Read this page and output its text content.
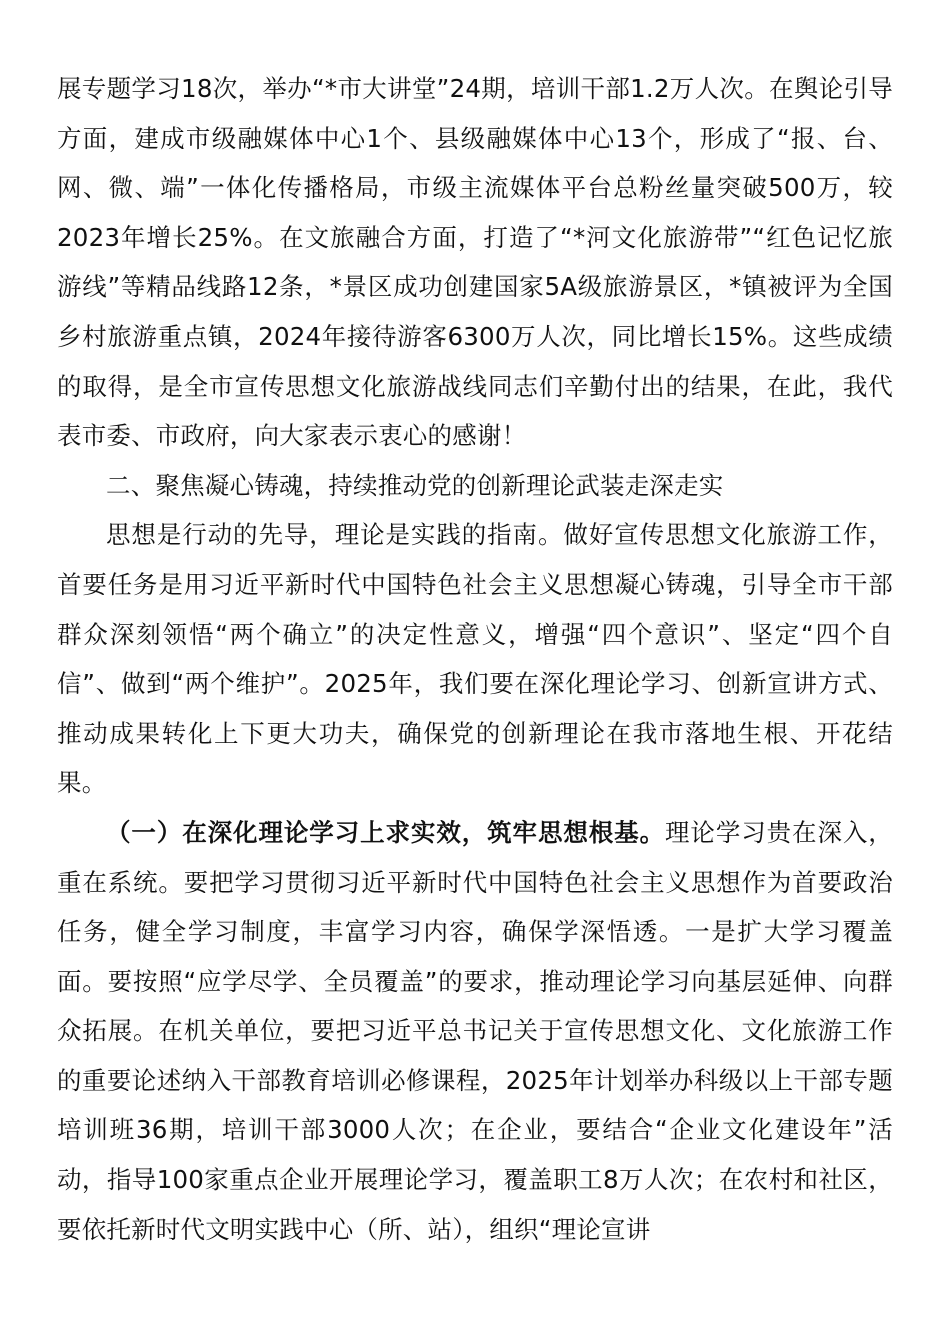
展专题学习18次，举办“*市大讲堂”24期，培训干部1.2万人次。在舆论引导方面，建成市级融媒体中心1个、县级融媒体中心13个，形成了“报、台、网、微、端”一体化传播格局，市级主流媒体平台总粉丝量突破500万，较2023年增长25%。在文旅融合方面，打造了“*河文化旅游带”“红色记忆旅游线”等精品线路12条，*景区成功创建国家5A级旅游景区，*镇被评为全国乡村旅游重点镇，2024年接待游客6300万人次，同比增长15%。这些成绩的取得，是全市宣传思想文化旅游战线同志们辛勤付出的结果，在此，我代表市委、市政府，向大家表示衷心的感谢！

二、聚焦凝心铸魂，持续推动党的创新理论武装走深走实

思想是行动的先导，理论是实践的指南。做好宣传思想文化旅游工作，首要任务是用习近平新时代中国特色社会主义思想凝心铸魂，引导全市干部群众深刻领悟“两个确立”的决定性意义，增强“四个意识”、坚定“四个自信”、做到“两个维护”。2025年，我们要在深化理论学习、创新宣讲方式、推动成果转化上下更大功夫，确保党的创新理论在我市落地生根、开花结果。

（一）在深化理论学习上求实效，筑牢思想根基。理论学习贵在深入，重在系统。要把学习贯彻习近平新时代中国特色社会主义思想作为首要政治任务，健全学习制度，丰富学习内容，确保学深悟透。一是扩大学习覆盖面。要按照“应学尽学、全员覆盖”的要求，推动理论学习向基层延伸、向群众拓展。在机关单位，要把习近平总书记关于宣传思想文化、文化旅游工作的重要论述纳入干部教育培训必修课程，2025年计划举办科级以上干部专题培训班36期，培训干部3000人次；在企业，要结合“企业文化建设年”活动，指导100家重点企业开展理论学习，覆盖职工8万人次；在农村和社区，要依托新时代文明实践中心（所、站），组织“理论宣讲
